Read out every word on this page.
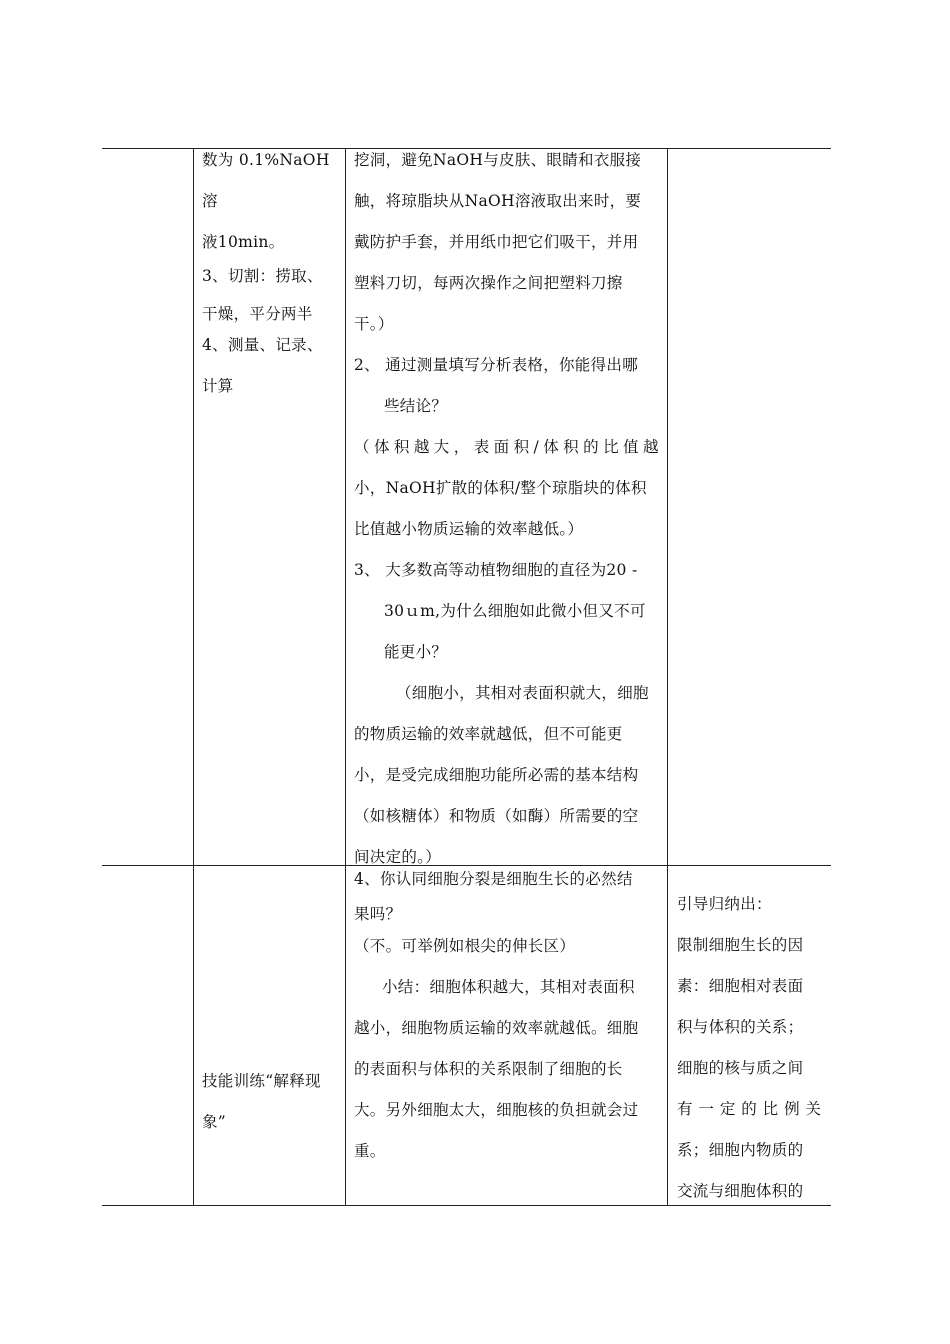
数为 0.1%NaOH 溶

液10min。

3、切割：捞取、

干燥，平分两半

4、测量、记录、

计算

挖洞，避免NaOH与皮肤、眼睛和衣服接

触，将琼脂块从NaOH溶液取出来时，要

戴防护手套，并用纸巾把它们吸干，并用

塑料刀切，每两次操作之间把塑料刀擦

干。）

2、 通过测量填写分析表格，你能得出哪

些结论？

（体积越大，表面积/体积的比值越

小，NaOH扩散的体积/整个琼脂块的体积

比值越小物质运输的效率越低。）

3、 大多数高等动植物细胞的直径为20 -

30ｕm,为什么细胞如此微小但又不可

能更小？

（细胞小，其相对表面积就大，细胞

的物质运输的效率就越低，但不可能更

小，是受完成细胞功能所必需的基本结构

（如核糖体）和物质（如酶）所需要的空

间决定的。）

技能训练“解释现

象”

4、你认同细胞分裂是细胞生长的必然结

果吗？

（不。可举例如根尖的伸长区）

小结：细胞体积越大，其相对表面积

越小，细胞物质运输的效率就越低。细胞

的表面积与体积的关系限制了细胞的长

大。另外细胞太大，细胞核的负担就会过

重。

引导归纳出：

限制细胞生长的因

素：细胞相对表面

积与体积的关系；

细胞的核与质之间

有一定的比例关

系；细胞内物质的

交流与细胞体积的
